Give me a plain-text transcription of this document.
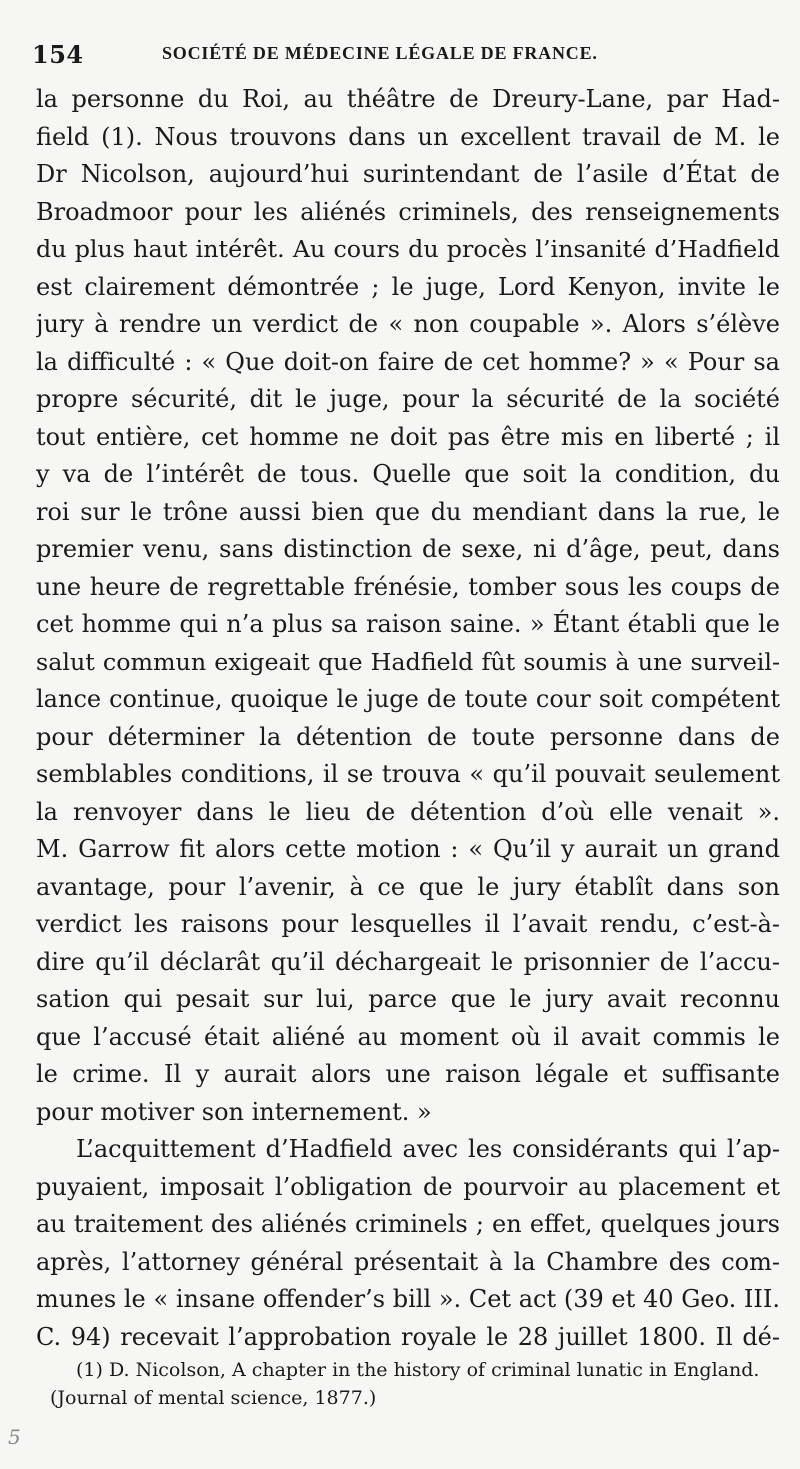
154	SOCIÉTÉ DE MÉDECINE LÉGALE DE FRANCE.
la personne du Roi, au théâtre de Dreury-Lane, par Had-
field (1). Nous trouvons dans un excellent travail de M. le
Dr Nicolson, aujourd’hui surintendant de l’asile d’État de
Broadmoor pour les aliénés criminels, des renseignements
du plus haut intérêt. Au cours du procès l’insanité d’Hadfield
est clairement démontrée ; le juge, Lord Kenyon, invite le
jury à rendre un verdict de « non coupable ». Alors s’élève
la difficulté : « Que doit-on faire de cet homme? » « Pour sa
propre sécurité, dit le juge, pour la sécurité de la société
tout entière, cet homme ne doit pas être mis en liberté ; il
y va de l’intérêt de tous. Quelle que soit la condition, du
roi sur le trône aussi bien que du mendiant dans la rue, le
premier venu, sans distinction de sexe, ni d’âge, peut, dans
une heure de regrettable frénésie, tomber sous les coups de
cet homme qui n’a plus sa raison saine. » Étant établi que le
salut commun exigeait que Hadfield fût soumis à une surveil-
lance continue, quoique le juge de toute cour soit compétent
pour déterminer la détention de toute personne dans de
semblables conditions, il se trouva « qu’il pouvait seulement
la renvoyer dans le lieu de détention d’où elle venait ».
M. Garrow fit alors cette motion : « Qu’il y aurait un grand
avantage, pour l’avenir, à ce que le jury établît dans son
verdict les raisons pour lesquelles il l’avait rendu, c’est-à-
dire qu’il déclarât qu’il déchargeait le prisonnier de l’accu-
sation qui pesait sur lui, parce que le jury avait reconnu
que l’accusé était aliéné au moment où il avait commis le
le crime. Il y aurait alors une raison légale et suffisante
pour motiver son internement. »
L’acquittement d’Hadfield avec les considérants qui l’ap-
puyaient, imposait l’obligation de pourvoir au placement et
au traitement des aliénés criminels ; en effet, quelques jours
après, l’attorney général présentait à la Chambre des com-
munes le « insane offender’s bill ». Cet act (39 et 40 Geo. III.
C. 94) recevait l’approbation royale le 28 juillet 1800. Il dé-
(1) D. Nicolson, A chapter in the history of criminal lunatic in England.
(Journal of mental science, 1877.)
5
